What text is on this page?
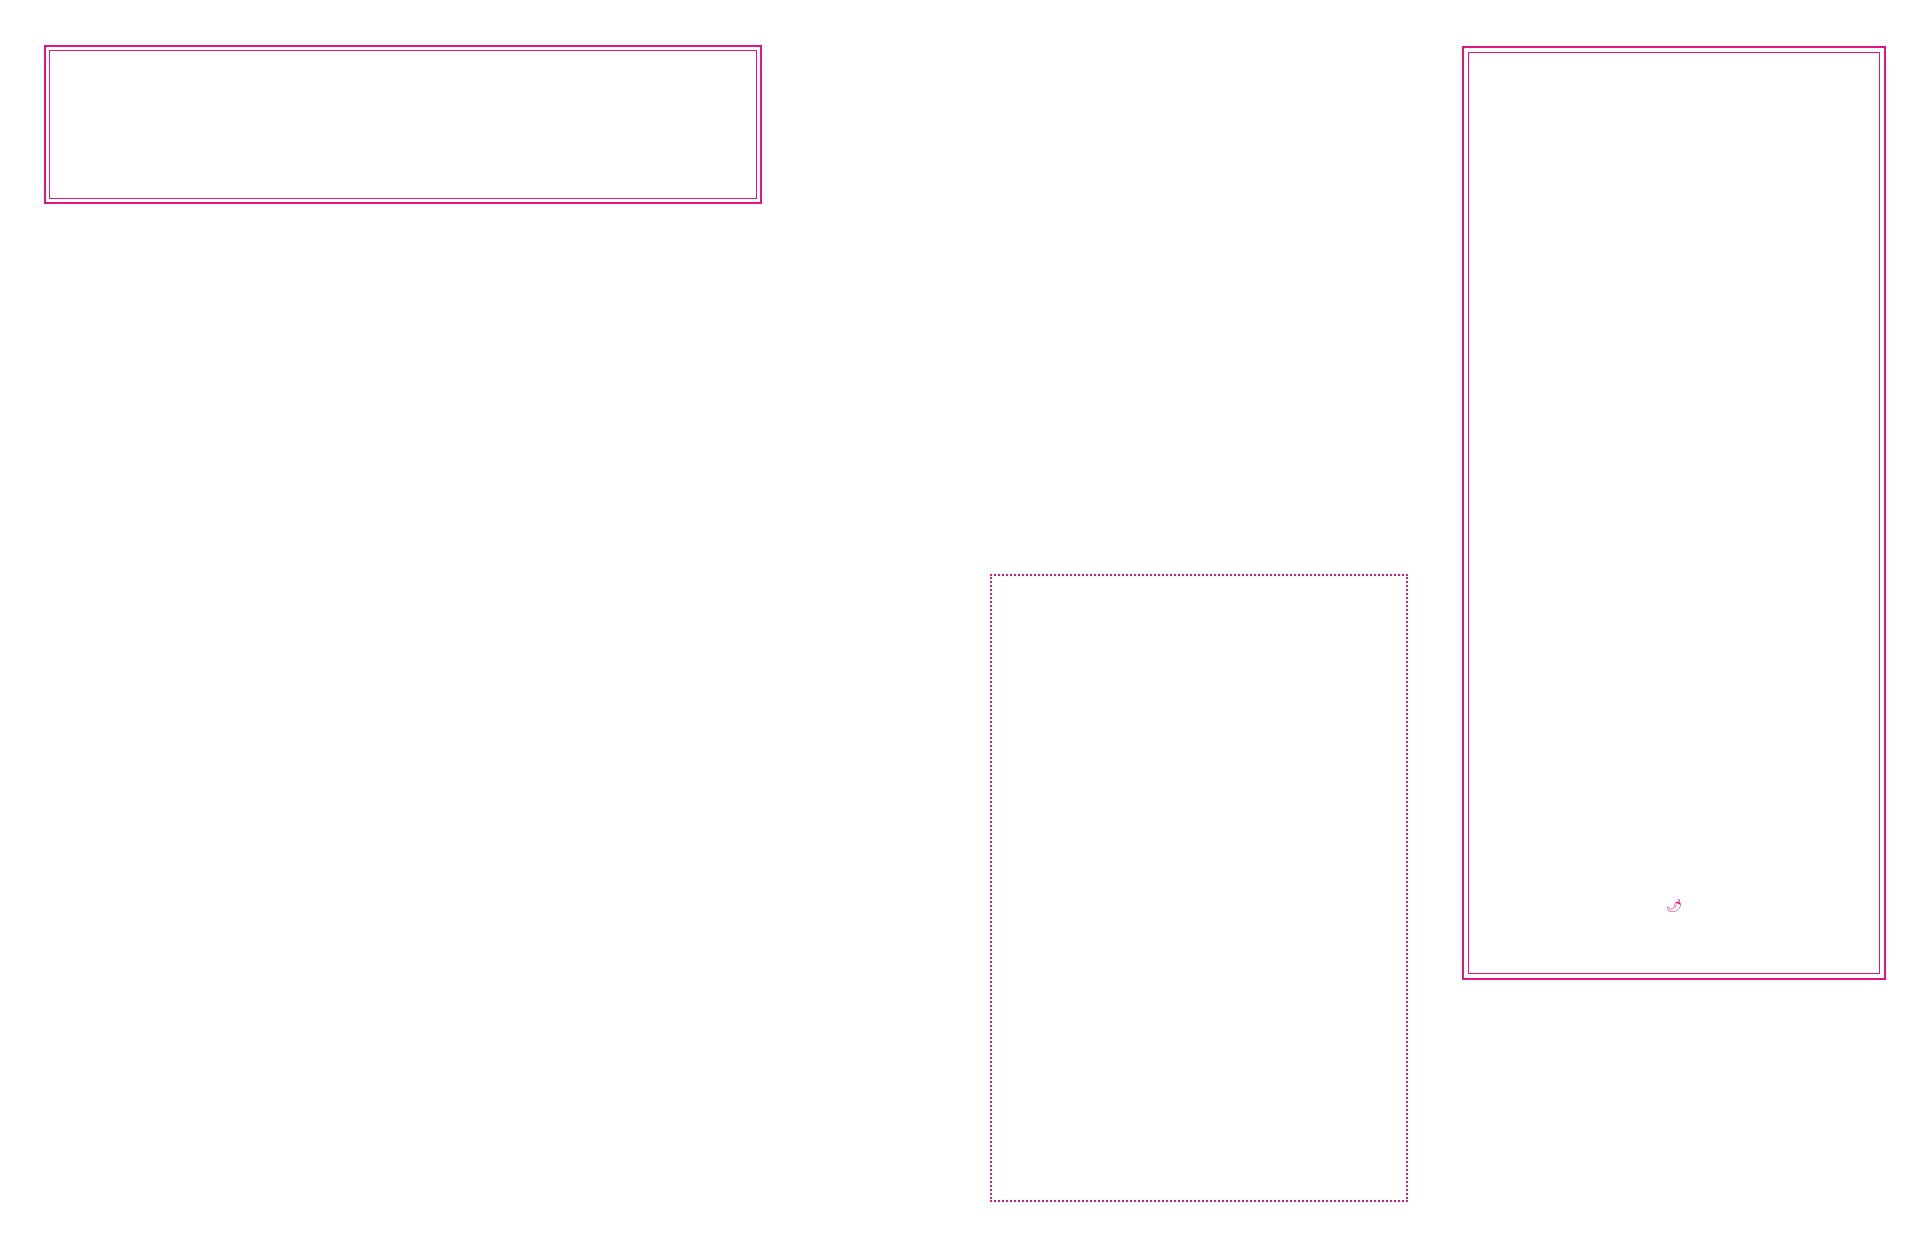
🌶︎
